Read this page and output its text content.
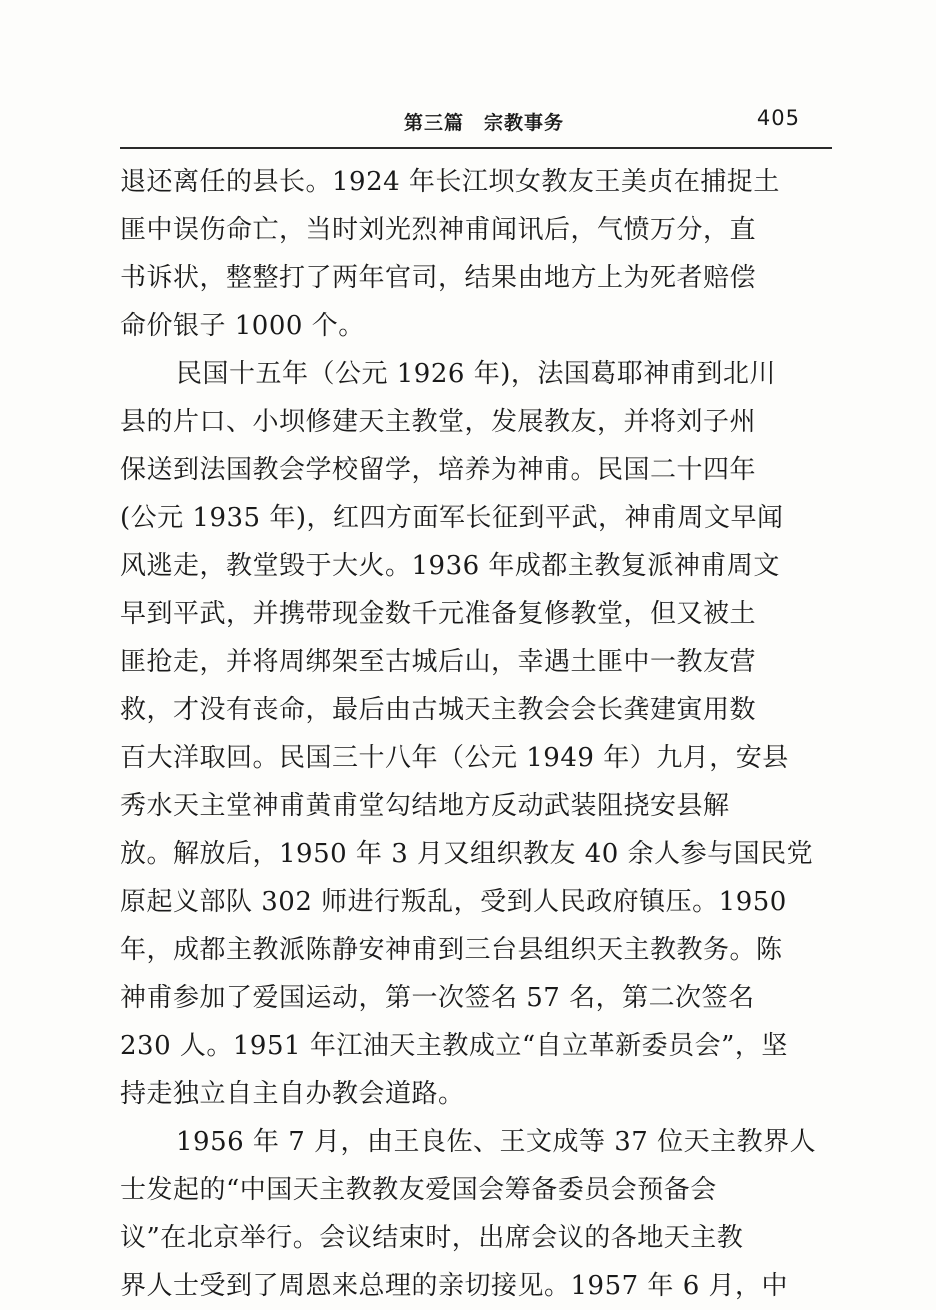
第三篇　宗教事务	405
退还离任的县长。1924 年长江坝女教友王美贞在捕捉土
匪中误伤命亡，当时刘光烈神甫闻讯后，气愤万分，直
书诉状，整整打了两年官司，结果由地方上为死者赔偿
命价银子 1000 个。
民国十五年（公元 1926 年)，法国葛耶神甫到北川
县的片口、小坝修建天主教堂，发展教友，并将刘子州
保送到法国教会学校留学，培养为神甫。民国二十四年
(公元 1935 年)，红四方面军长征到平武，神甫周文早闻
风逃走，教堂毁于大火。1936 年成都主教复派神甫周文
早到平武，并携带现金数千元准备复修教堂，但又被土
匪抢走，并将周绑架至古城后山，幸遇土匪中一教友营
救，才没有丧命，最后由古城天主教会会长龚建寅用数
百大洋取回。民国三十八年（公元 1949 年）九月，安县
秀水天主堂神甫黄甫堂勾结地方反动武装阻挠安县解
放。解放后，1950 年 3 月又组织教友 40 余人参与国民党
原起义部队 302 师进行叛乱，受到人民政府镇压。1950
年，成都主教派陈静安神甫到三台县组织天主教教务。陈
神甫参加了爱国运动，第一次签名 57 名，第二次签名
230 人。1951 年江油天主教成立“自立革新委员会”，坚
持走独立自主自办教会道路。
1956 年 7 月，由王良佐、王文成等 37 位天主教界人
士发起的“中国天主教教友爱国会筹备委员会预备会
议”在北京举行。会议结束时，出席会议的各地天主教
界人士受到了周恩来总理的亲切接见。1957 年 6 月，中
